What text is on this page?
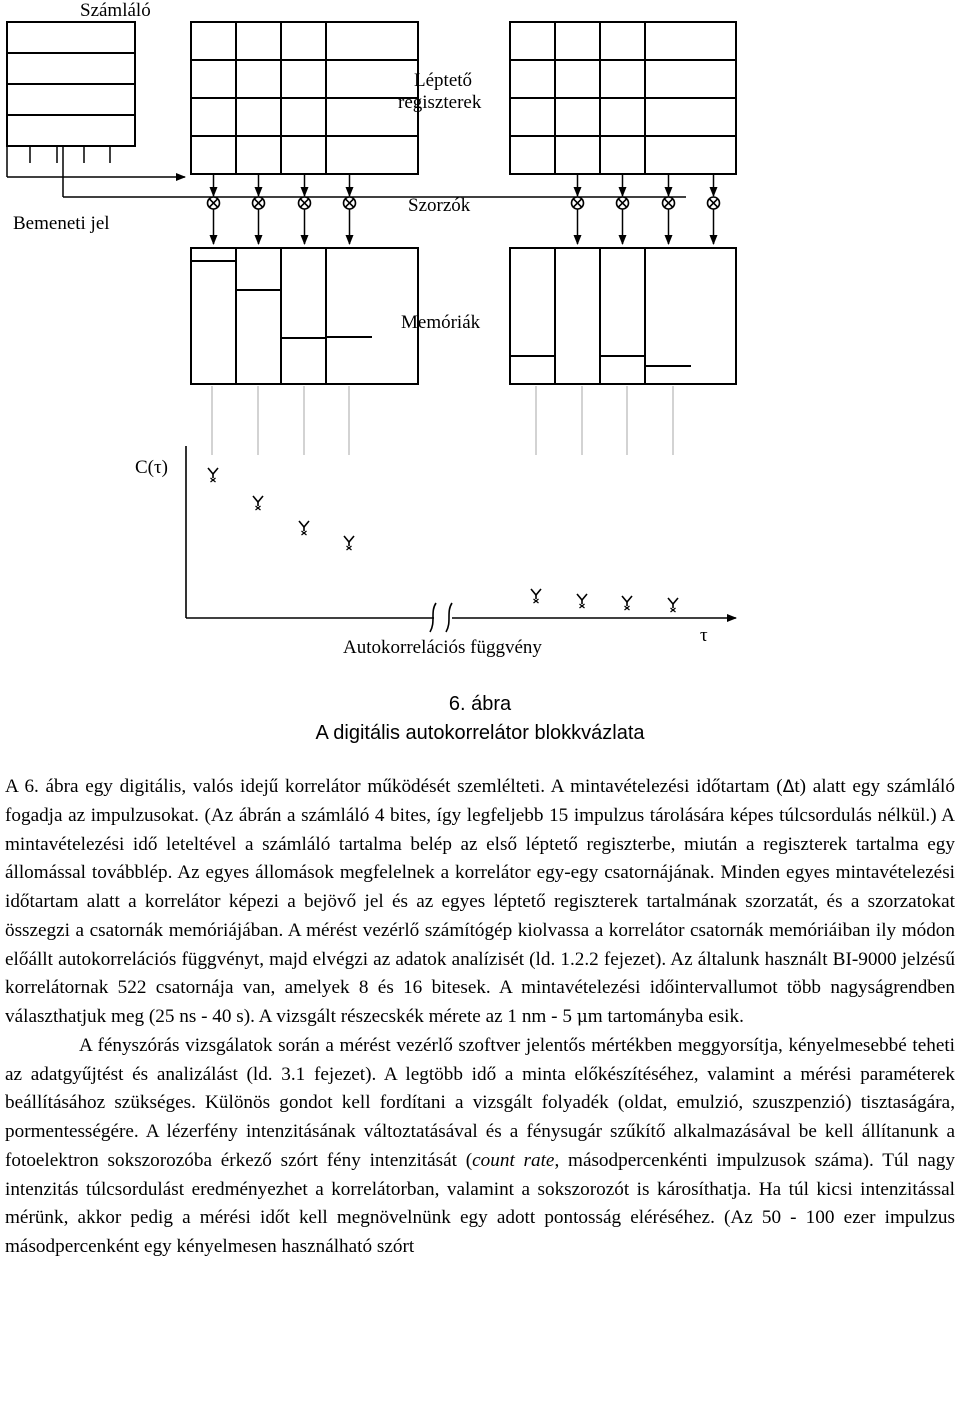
Számláló
Léptető regiszterek
Bemeneti jel
Szorzók
Memóriák
C(τ)
τ
Autokorrelációs függvény
6. ábra
A digitális autokorrelátor blokkvázlata

A 6. ábra egy digitális, valós idejű korrelátor működését szemlélteti. A mintavételezési időtartam (Δt) alatt egy számláló fogadja az impulzusokat. (Az ábrán a számláló 4 bites, így legfeljebb 15 impulzus tárolására képes túlcsordulás nélkül.) A mintavételezési idő leteltével a számláló tartalma belép az első léptető regiszterbe, miután a regiszterek tartalma egy állomással továbblép. Az egyes állomások megfelelnek a korrelátor egy-egy csatornájának. Minden egyes mintavételezési időtartam alatt a korrelátor képezi a bejövő jel és az egyes léptető regiszterek tartalmának szorzatát, és a szorzatokat összegzi a csatornák memóriájában. A mérést vezérlő számítógép kiolvassa a korrelátor csatornák memóriáiban ily módon előállt autokorrelációs függvényt, majd elvégzi az adatok analízisét (ld. 1.2.2 fejezet). Az általunk használt BI-9000 jelzésű korrelátornak 522 csatornája van, amelyek 8 és 16 bitesek. A mintavételezési időintervallumot több nagyságrendben választhatjuk meg (25 ns - 40 s). A vizsgált részecskék mérete az 1 nm - 5 μm tartományba esik.

A fényszórás vizsgálatok során a mérést vezérlő szoftver jelentős mértékben meggyorsítja, kényelmesebbé teheti az adatgyűjtést és analizálást (ld. 3.1 fejezet). A legtöbb idő a minta előkészítéséhez, valamint a mérési paraméterek beállításához szükséges. Különös gondot kell fordítani a vizsgált folyadék (oldat, emulzió, szuszpenzió) tisztaságára, pormentességére. A lézerfény intenzitásának változtatásával és a fénysugár szűkítő alkalmazásával be kell állítanunk a fotoelektron sokszorozóba érkező szórt fény intenzitását (count rate, másodpercenkénti impulzusok száma). Túl nagy intenzitás túlcsordulást eredményezhet a korrelátorban, valamint a sokszorozót is károsíthatja. Ha túl kicsi intenzitással mérünk, akkor pedig a mérési időt kell megnövelnünk egy adott pontosság eléréséhez. (Az 50 - 100 ezer impulzus másodpercenként egy kényelmesen használható szórt
